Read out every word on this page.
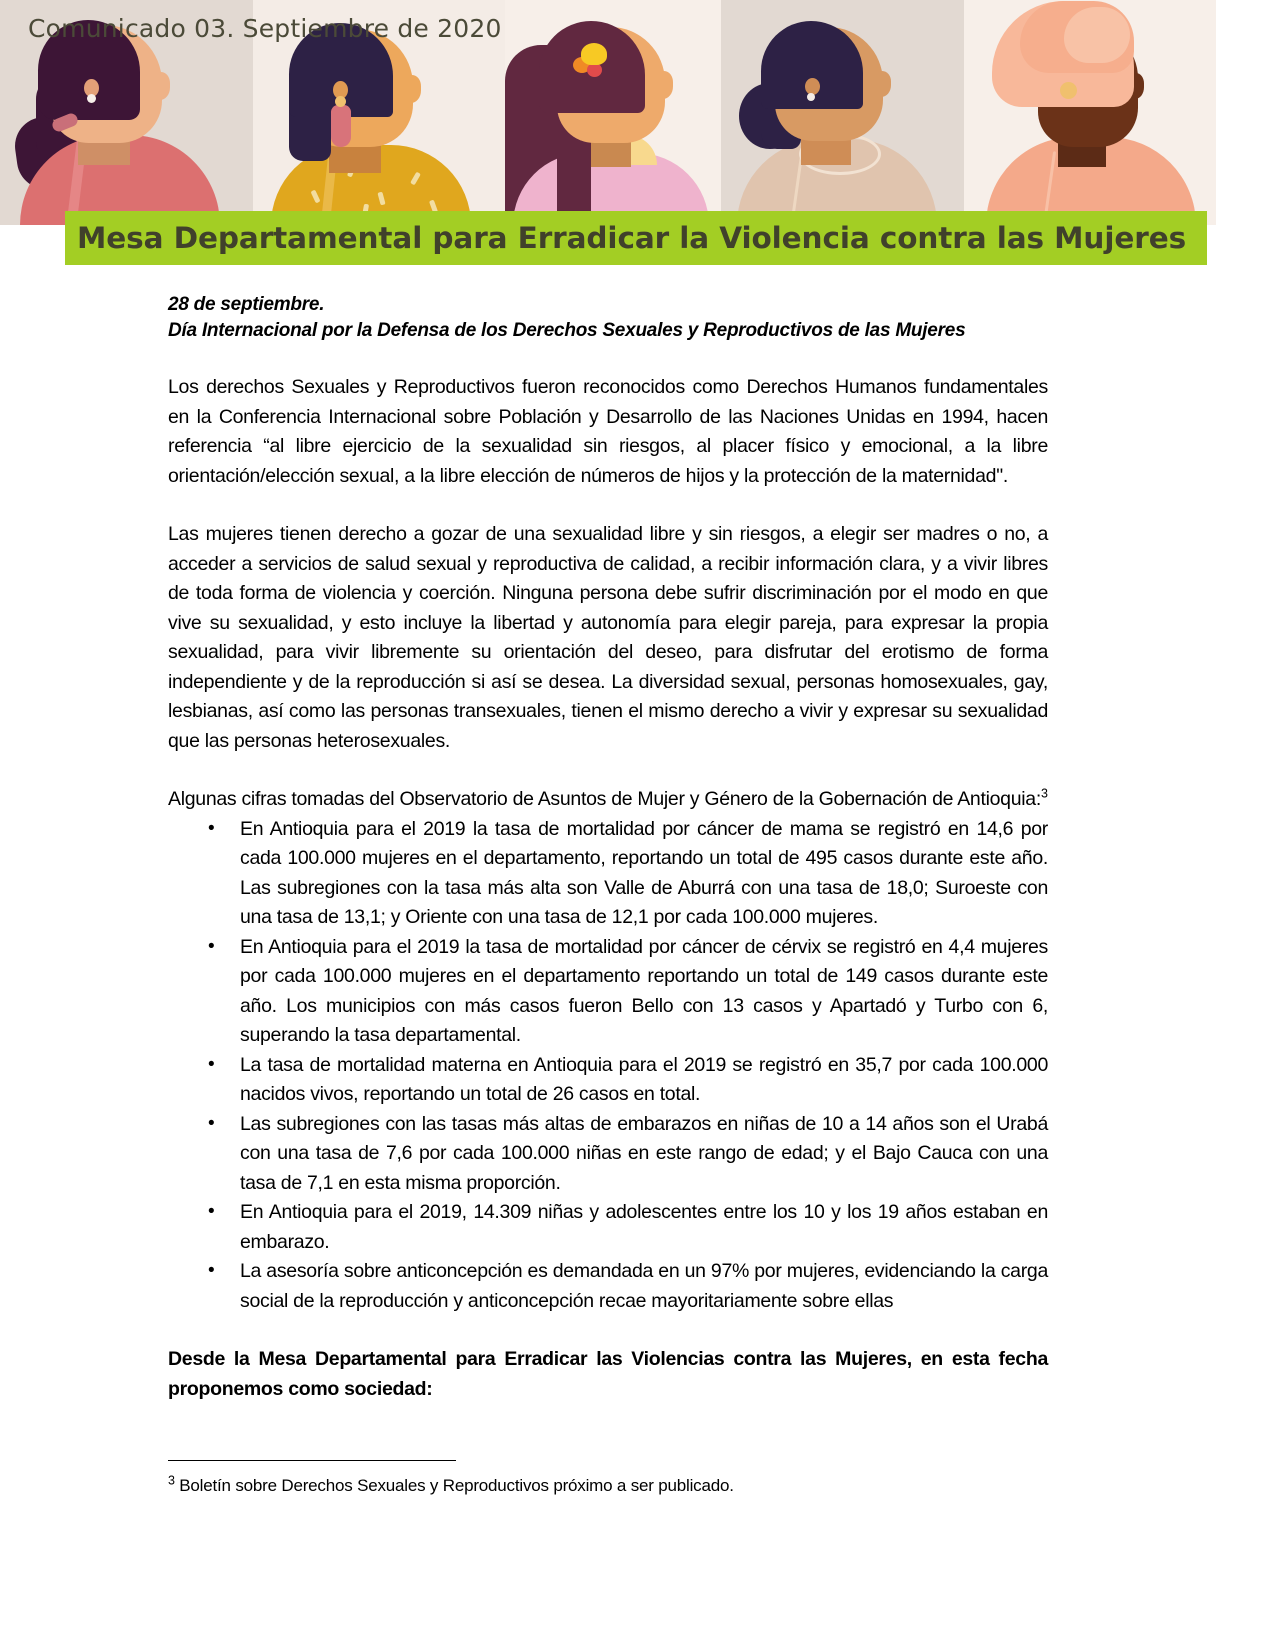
Comunicado 03. Septiembre de 2020
Mesa Departamental para Erradicar la Violencia contra las Mujeres
28 de septiembre.
Día Internacional por la Defensa de los Derechos Sexuales y Reproductivos de las Mujeres

Los derechos Sexuales y Reproductivos fueron reconocidos como Derechos Humanos fundamentales en la Conferencia Internacional sobre Población y Desarrollo de las Naciones Unidas en 1994, hacen referencia “al libre ejercicio de la sexualidad sin riesgos, al placer físico y emocional, a la libre orientación/elección sexual, a la libre elección de números de hijos y la protección de la maternidad".

Las mujeres tienen derecho a gozar de una sexualidad libre y sin riesgos, a elegir ser madres o no, a acceder a servicios de salud sexual y reproductiva de calidad, a recibir información clara, y a vivir libres de toda forma de violencia y coerción. Ninguna persona debe sufrir discriminación por el modo en que vive su sexualidad, y esto incluye la libertad y autonomía para elegir pareja, para expresar la propia sexualidad, para vivir libremente su orientación del deseo, para disfrutar del erotismo de forma independiente y de la reproducción si así se desea. La diversidad sexual, personas homosexuales, gay, lesbianas, así como las personas transexuales, tienen el mismo derecho a vivir y expresar su sexualidad que las personas heterosexuales.

Algunas cifras tomadas del Observatorio de Asuntos de Mujer y Género de la Gobernación de Antioquia:$^3$

• En Antioquia para el 2019 la tasa de mortalidad por cáncer de mama se registró en 14,6 por cada 100.000 mujeres en el departamento, reportando un total de 495 casos durante este año. Las subregiones con la tasa más alta son Valle de Aburrá con una tasa de 18,0; Suroeste con una tasa de 13,1; y Oriente con una tasa de 12,1 por cada 100.000 mujeres.
• En Antioquia para el 2019 la tasa de mortalidad por cáncer de cérvix se registró en 4,4 mujeres por cada 100.000 mujeres en el departamento reportando un total de 149 casos durante este año. Los municipios con más casos fueron Bello con 13 casos y Apartadó y Turbo con 6, superando la tasa departamental.
• La tasa de mortalidad materna en Antioquia para el 2019 se registró en 35,7 por cada 100.000 nacidos vivos, reportando un total de 26 casos en total.
• Las subregiones con las tasas más altas de embarazos en niñas de 10 a 14 años son el Urabá con una tasa de 7,6 por cada 100.000 niñas en este rango de edad; y el Bajo Cauca con una tasa de 7,1 en esta misma proporción.
• En Antioquia para el 2019, 14.309 niñas y adolescentes entre los 10 y los 19 años estaban en embarazo.
• La asesoría sobre anticoncepción es demandada en un 97% por mujeres, evidenciando la carga social de la reproducción y anticoncepción recae mayoritariamente sobre ellas

Desde la Mesa Departamental para Erradicar las Violencias contra las Mujeres, en esta fecha proponemos como sociedad:

$^3$ Boletín sobre Derechos Sexuales y Reproductivos próximo a ser publicado.
